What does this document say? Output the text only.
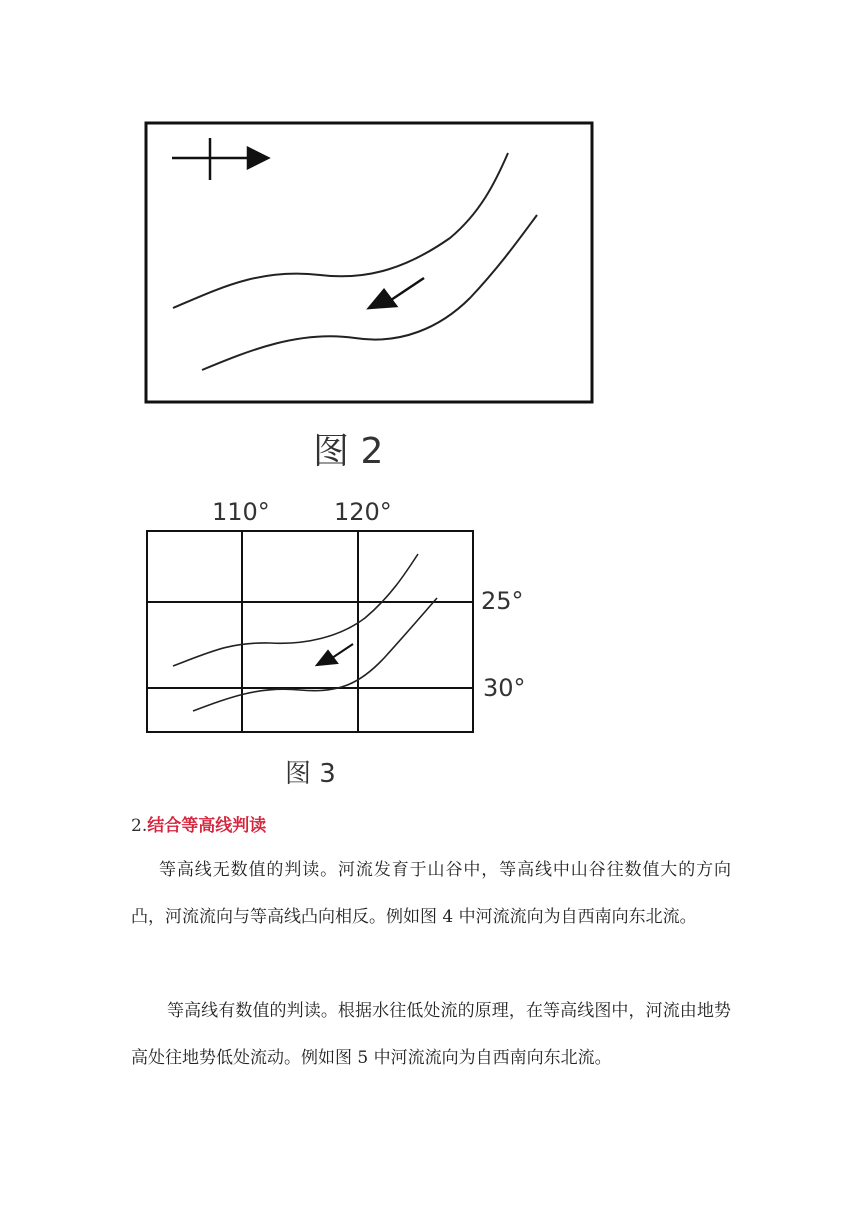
图 2
110°	120°
25°
30°
图 3
2.结合等高线判读

等高线无数值的判读。河流发育于山谷中，等高线中山谷往数值大的方向凸，河流流向与等高线凸向相反。例如图 4 中河流流向为自西南向东北流。

等高线有数值的判读。根据水往低处流的原理，在等高线图中，河流由地势高处往地势低处流动。例如图 5 中河流流向为自西南向东北流。
